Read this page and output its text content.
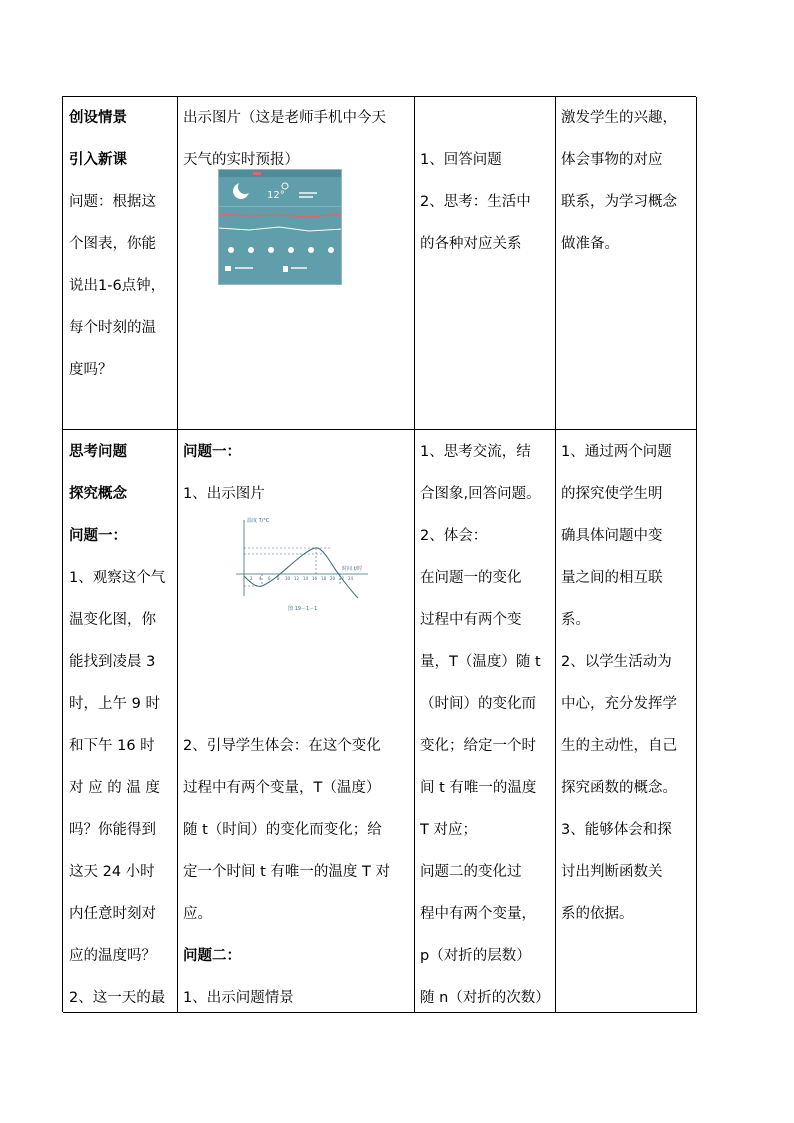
创设情景
引入新课
问题：根据这
个图表，你能
说出1-6点钟，
每个时刻的温
度吗？
出示图片（这是老师手机中今天
天气的实时预报）
12°
1、回答问题
2、思考：生活中
的各种对应关系
激发学生的兴趣，
体会事物的对应
联系，为学习概念
做准备。
思考问题
探究概念
问题一：
1、观察这个气
温变化图，你
能找到凌晨 3
时，上午 9 时
和下午 16 时
对 应 的 温 度
吗？你能得到
这天 24 小时
内任意时刻对
应的温度吗？
2、这一天的最
问题一：
1、出示图片
2、引导学生体会：在这个变化
过程中有两个变量，T（温度）
随 t（时间）的变化而变化；给
定一个时间 t 有唯一的温度 T 对
应。
问题二：
1、出示问题情景
温度 T/°C
时间 t/时
2 4 6 8 10 12 14 16 18 20 22 24
图 19－1－1
1、思考交流，结
合图象,回答问题。
2、体会：
在问题一的变化
过程中有两个变
量，T（温度）随 t
（时间）的变化而
变化；给定一个时
间 t 有唯一的温度
T 对应；
问题二的变化过
程中有两个变量，
p（对折的层数）
随 n（对折的次数）
1、通过两个问题
的探究使学生明
确具体问题中变
量之间的相互联
系。
2、以学生活动为
中心，充分发挥学
生的主动性，自己
探究函数的概念。
3、能够体会和探
讨出判断函数关
系的依据。
